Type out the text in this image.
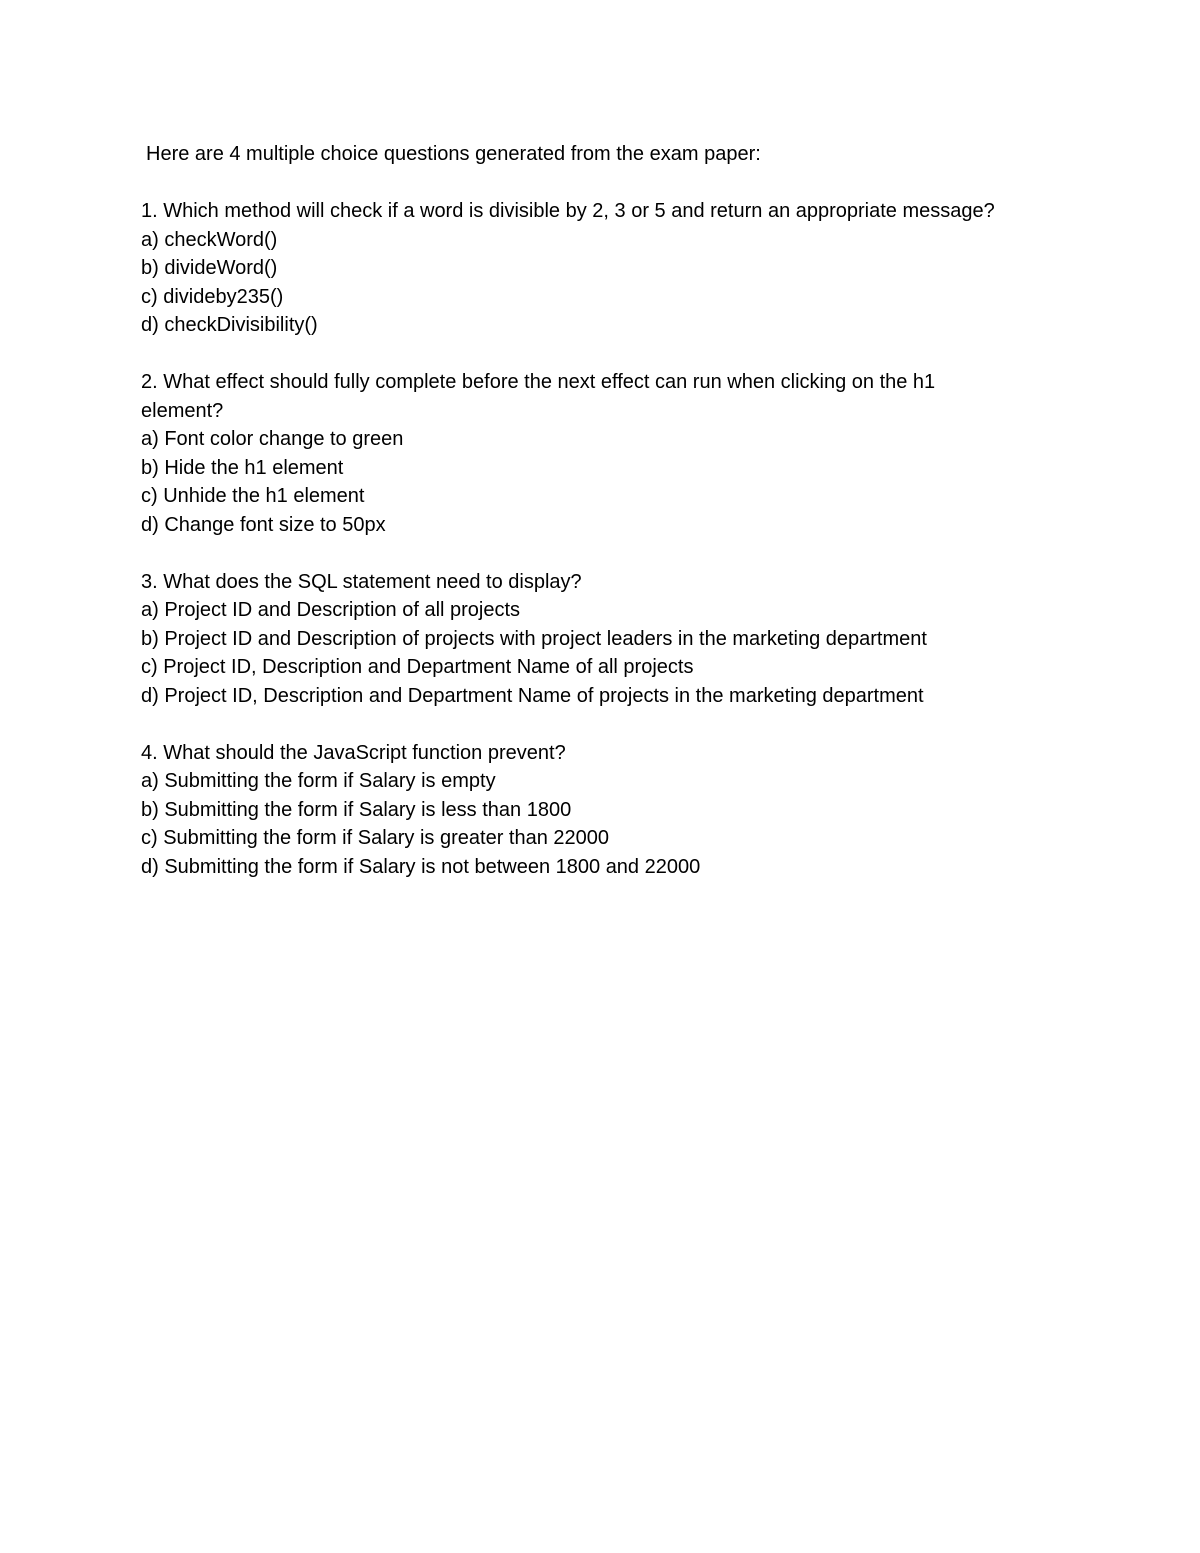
Here are 4 multiple choice questions generated from the exam paper:

1. Which method will check if a word is divisible by 2, 3 or 5 and return an appropriate message?
a) checkWord()
b) divideWord()
c) divideby235()
d) checkDivisibility()
2. What effect should fully complete before the next effect can run when clicking on the h1 element?
a) Font color change to green
b) Hide the h1 element
c) Unhide the h1 element
d) Change font size to 50px
3. What does the SQL statement need to display?
a) Project ID and Description of all projects
b) Project ID and Description of projects with project leaders in the marketing department
c) Project ID, Description and Department Name of all projects
d) Project ID, Description and Department Name of projects in the marketing department
4. What should the JavaScript function prevent?
a) Submitting the form if Salary is empty
b) Submitting the form if Salary is less than 1800
c) Submitting the form if Salary is greater than 22000
d) Submitting the form if Salary is not between 1800 and 22000
